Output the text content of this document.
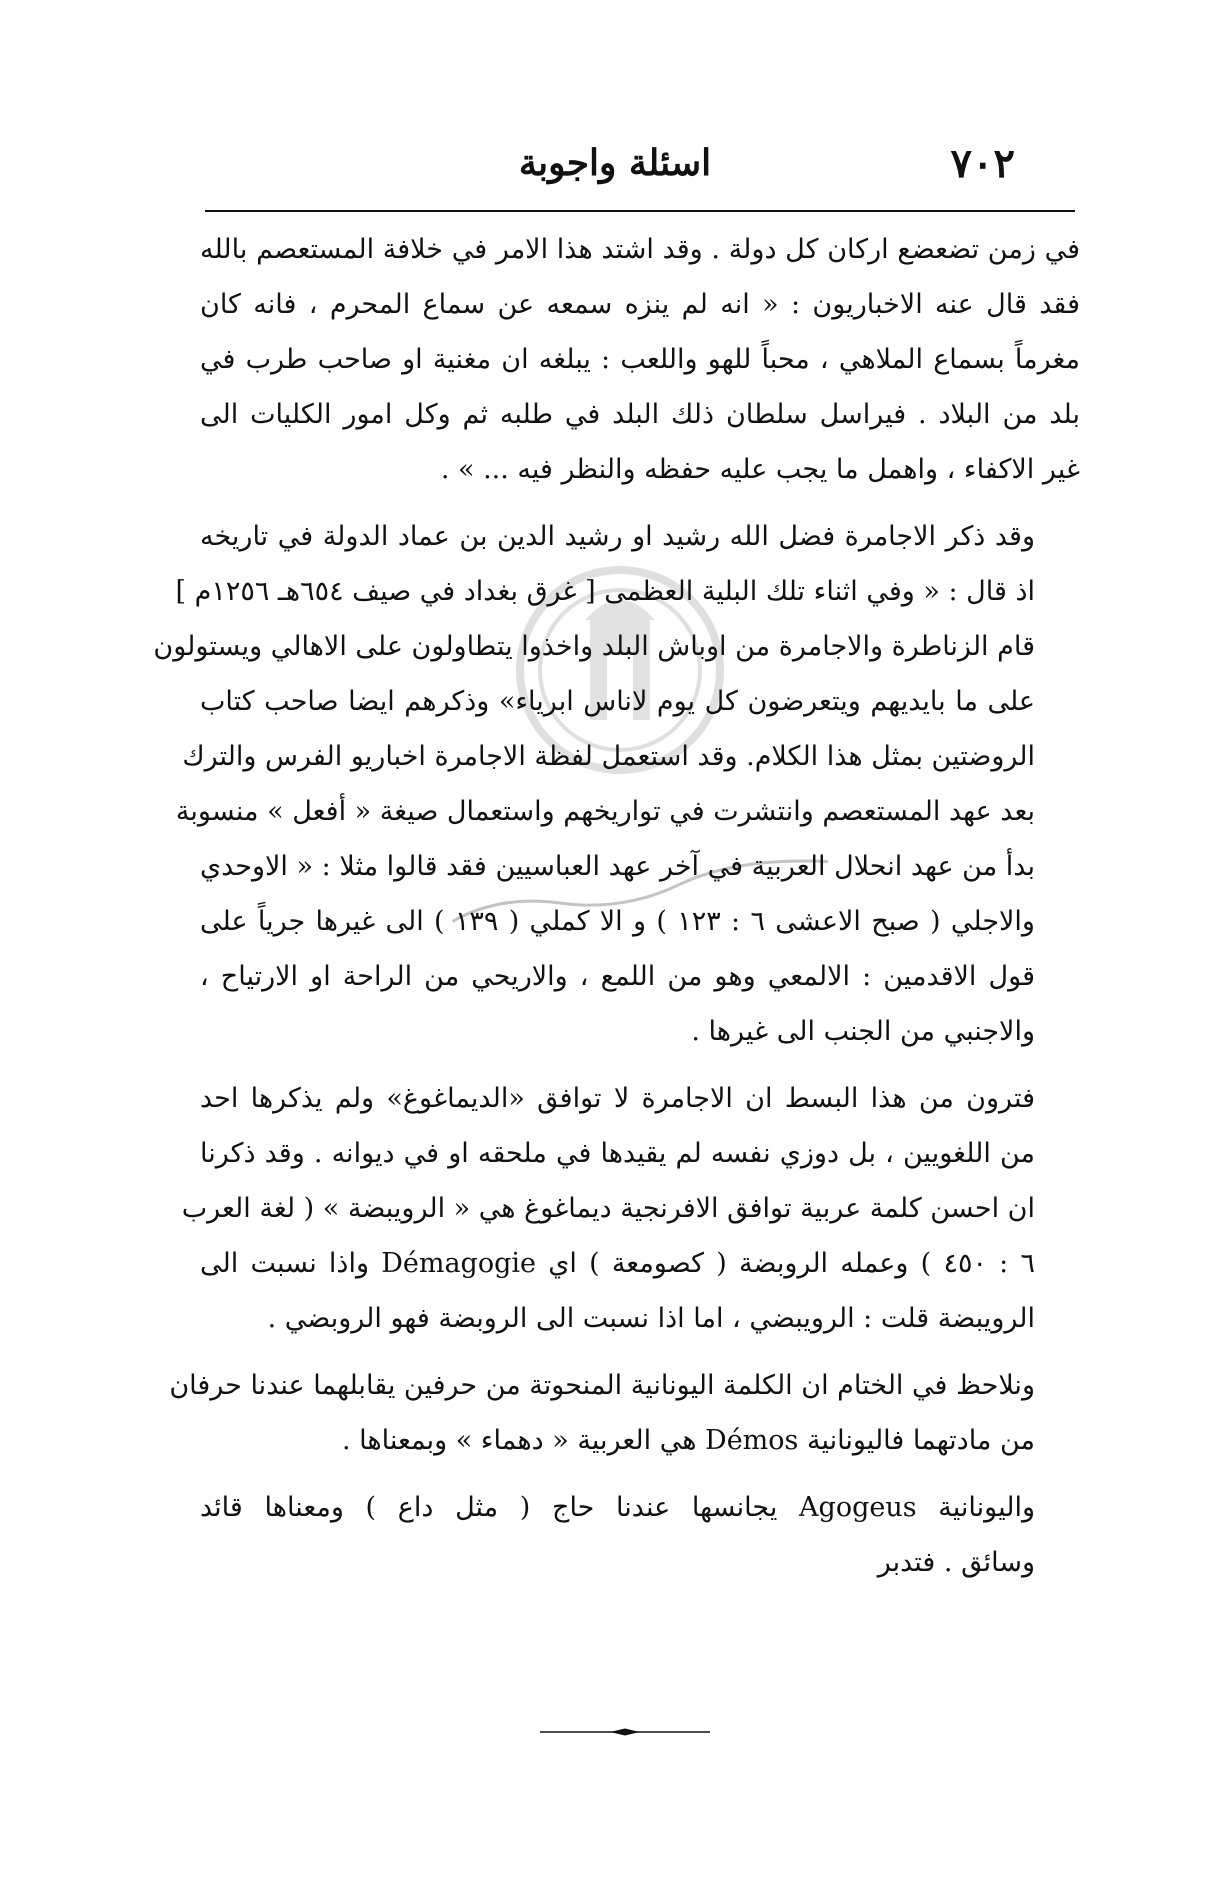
٧٠٢
اسئلة واجوبة
في زمن تضعضع اركان كل دولة . وقد اشتد هذا الامر في خلافة المستعصم بالله
فقد قال عنه الاخباريون : « انه لم ينزه سمعه عن سماع المحرم ، فانه كان
مغرماً بسماع الملاهي ، محباً للهو واللعب : يبلغه ان مغنية او صاحب طرب في
بلد من البلاد . فيراسل سلطان ذلك البلد في طلبه ثم وكل امور الكليات الى
غير الاكفاء ، واهمل ما يجب عليه حفظه والنظر فيه ... » .
وقد ذكر الاجامرة فضل الله رشيد او رشيد الدين بن عماد الدولة في تاريخه
اذ قال : « وفي اثناء تلك البلية العظمى [ غرق بغداد في صيف ٦٥٤هـ ١٢٥٦م ]
قام الزناطرة والاجامرة من اوباش البلد واخذوا يتطاولون على الاهالي ويستولون
على ما بايديهم ويتعرضون كل يوم لاناس ابرياء» وذكرهم ايضا صاحب كتاب
الروضتين بمثل هذا الكلام. وقد استعمل لفظة الاجامرة اخباريو الفرس والترك
بعد عهد المستعصم وانتشرت في تواريخهم واستعمال صيغة « أفعل » منسوبة
بدأ من عهد انحلال العربية في آخر عهد العباسيين فقد قالوا مثلا : « الاوحدي
والاجلي ( صبح الاعشى ٦ : ١٢٣ ) و الا كملي ( ١٣٩ ) الى غيرها جرياً على
قول الاقدمين : الالمعي وهو من اللمع ، والاريحي من الراحة او الارتياح ،
والاجنبي من الجنب الى غيرها .
فترون من هذا البسط ان الاجامرة لا توافق «الديماغوغ» ولم يذكرها احد
من اللغويين ، بل دوزي نفسه لم يقيدها في ملحقه او في ديوانه . وقد ذكرنا
ان احسن كلمة عربية توافق الافرنجية ديماغوغ هي « الرويبضة » ( لغة العرب
٦ : ٤٥٠ ) وعمله الروبضة ( كصومعة ) اي Démagogie واذا نسبت الى
الرويبضة قلت : الرويبضي ، اما اذا نسبت الى الروبضة فهو الروبضي .
ونلاحظ في الختام ان الكلمة اليونانية المنحوتة من حرفين يقابلهما عندنا حرفان
من مادتهما فاليونانية Démos هي العربية « دهماء » وبمعناها .
واليونانية Agogeus يجانسها عندنا حاج ( مثل داع ) ومعناها قائد
وسائق . فتدبر
